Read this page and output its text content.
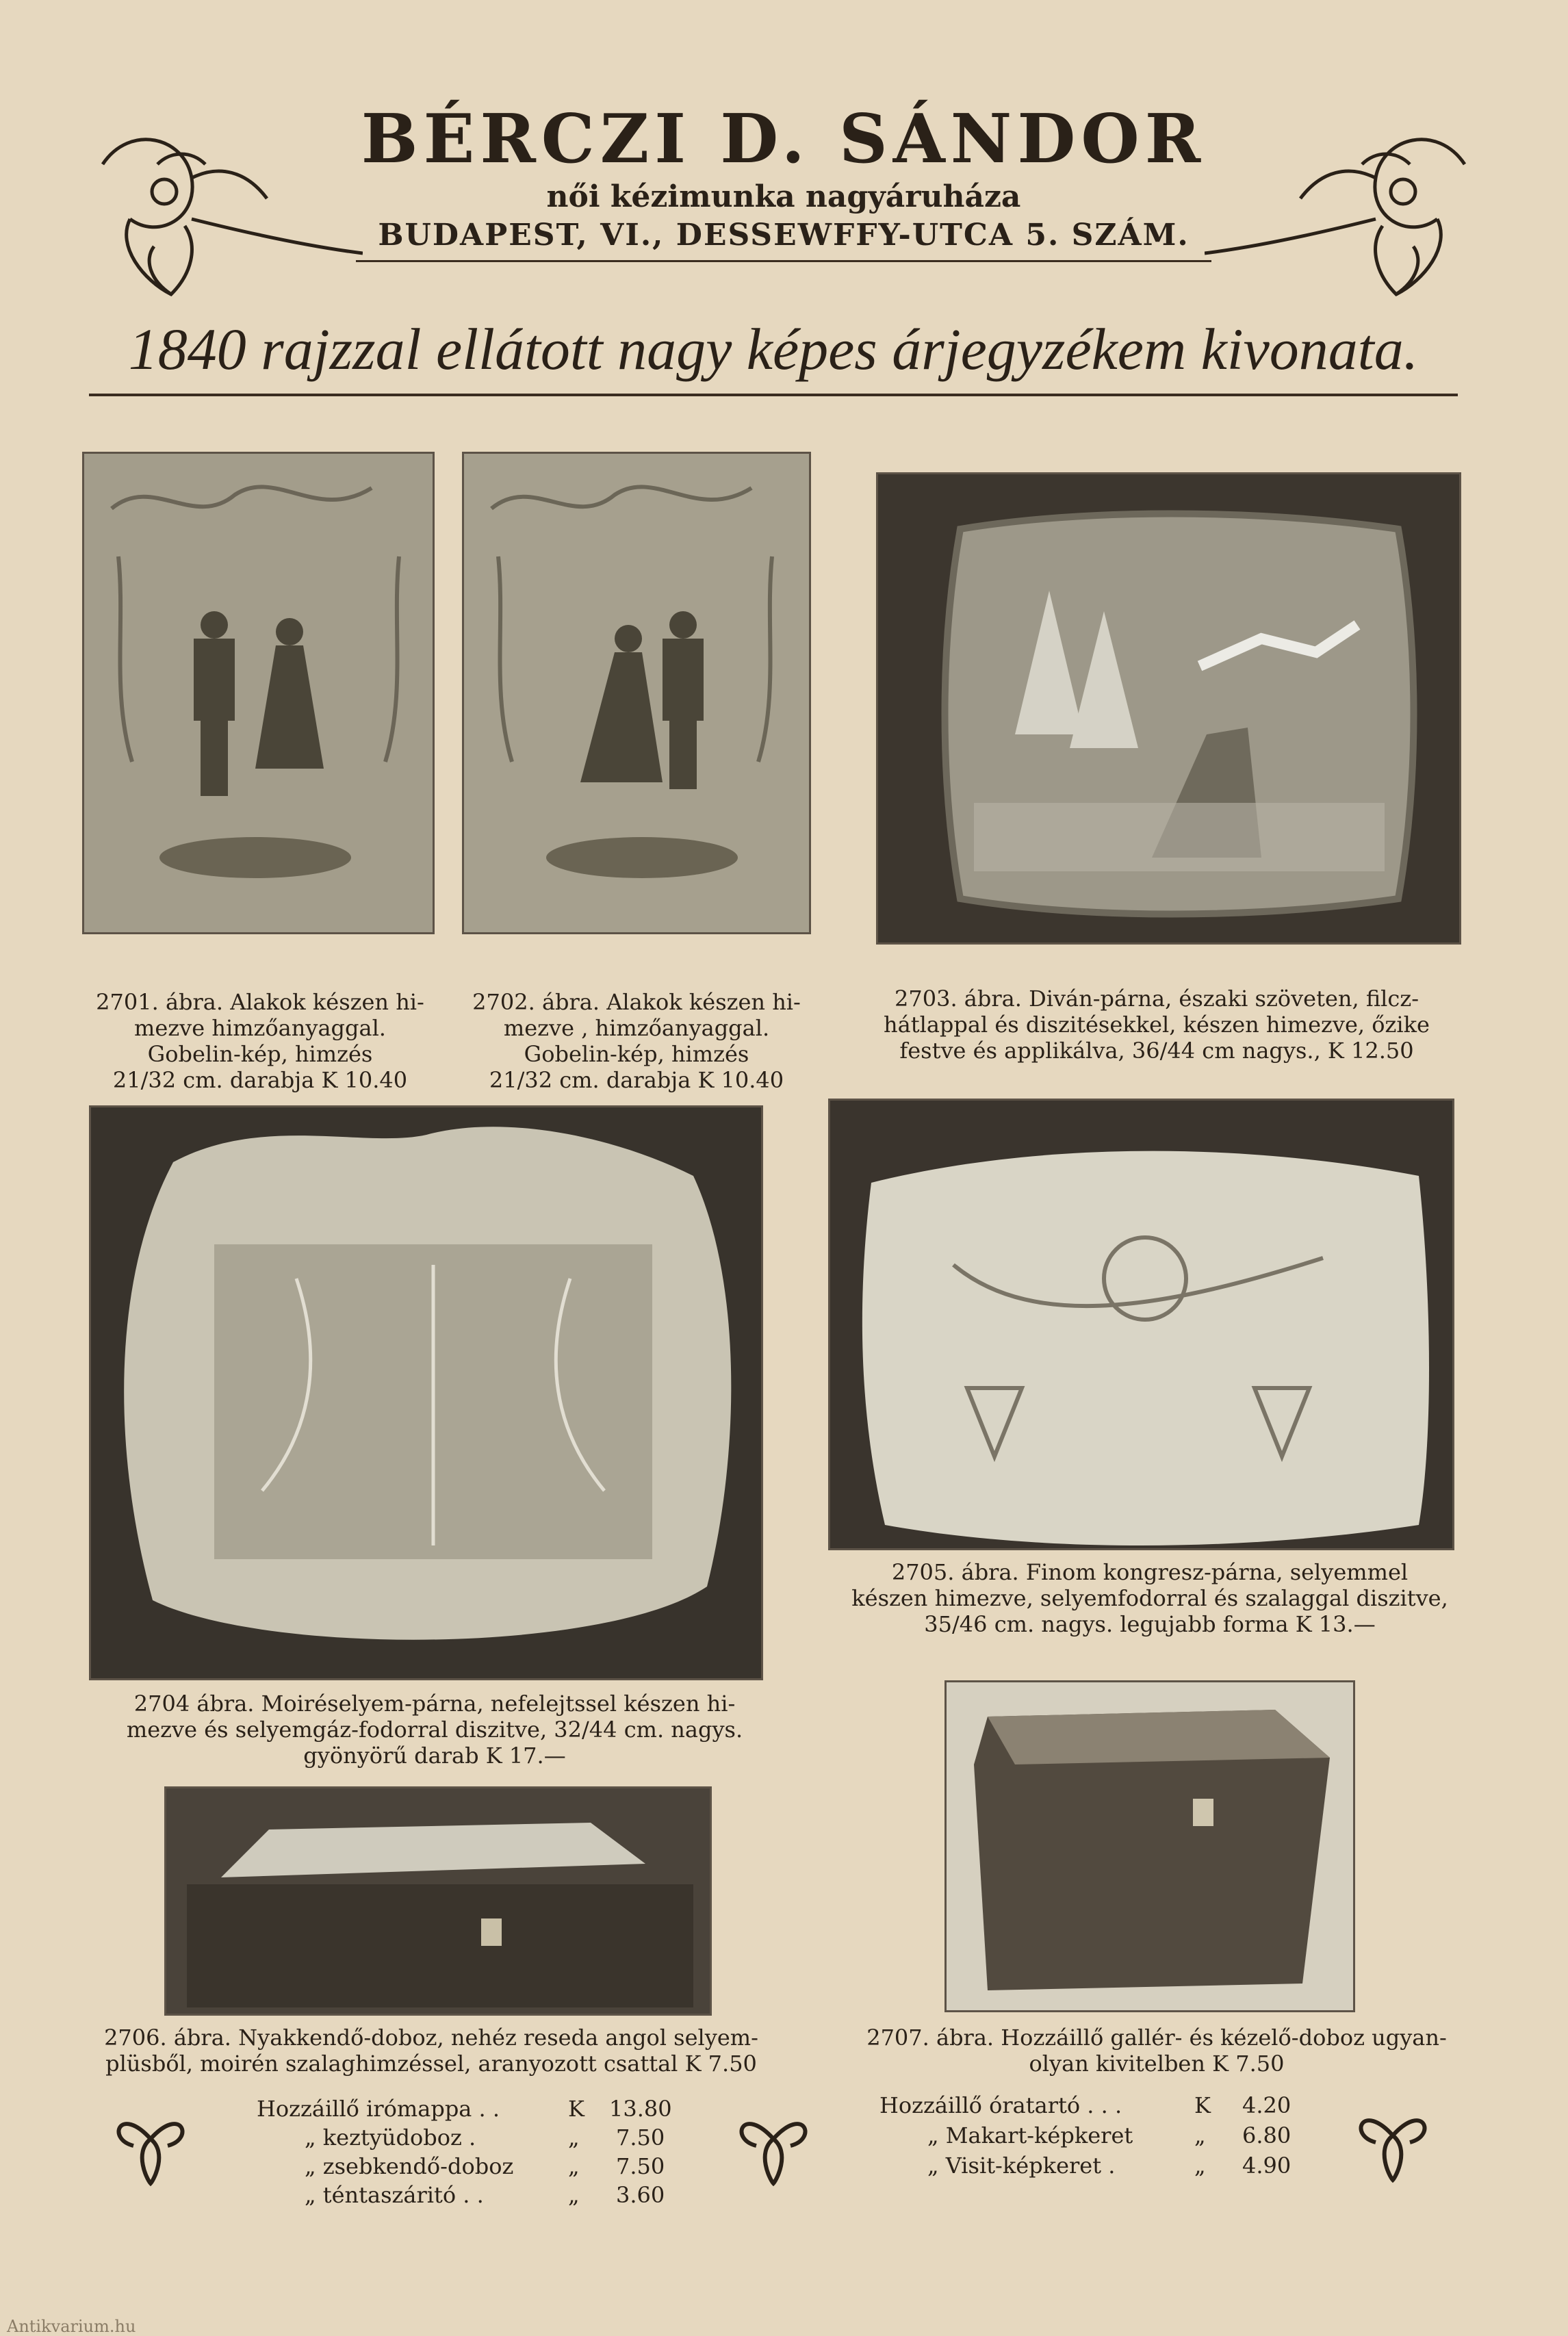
BÉRCZI D. SÁNDOR
női kézimunka nagyáruháza
BUDAPEST, VI., DESSEWFFY-UTCA 5. SZÁM.
1840 rajzzal ellátott nagy képes árjegyzékem kivonata.
2701. ábra. Alakok készen hi-
mezve himzőanyaggal.
Gobelin-kép, himzés
21/32 cm. darabja K 10.40
2702. ábra. Alakok készen hi-
mezve , himzőanyaggal.
Gobelin-kép, himzés
21/32 cm. darabja K 10.40
2703. ábra. Diván-párna, északi szöveten, filcz-
hátlappal és diszitésekkel, készen himezve, őzike
festve és applikálva, 36/44 cm nagys., K 12.50
2705. ábra. Finom kongresz-párna, selyemmel
készen himezve, selyemfodorral és szalaggal diszitve,
35/46 cm. nagys. legujabb forma K 13.—
2704 ábra. Moiréselyem-párna, nefelejtssel készen hi-
mezve és selyemgáz-fodorral diszitve, 32/44 cm. nagys.
gyönyörű darab K 17.—
2706. ábra. Nyakkendő-doboz, nehéz reseda angol selyem-
plüsből, moirén szalaghimzéssel, aranyozott csattal K 7.50
2707. ábra. Hozzáillő gallér- és kézelő-doboz ugyan-
olyan kivitelben K 7.50
Hozzáillő irómappa . .	K 13.80
„ keztyüdoboz .	„ 7.50
„ zsebkendő-doboz „ 7.50
„ téntaszáritó . .	„ 3.60
Hozzáillő óratartó . . .	K 4.20
„ Makart-képkeret	„ 6.80
„ Visit-képkeret .	„ 4.90
Antikvarium.hu
